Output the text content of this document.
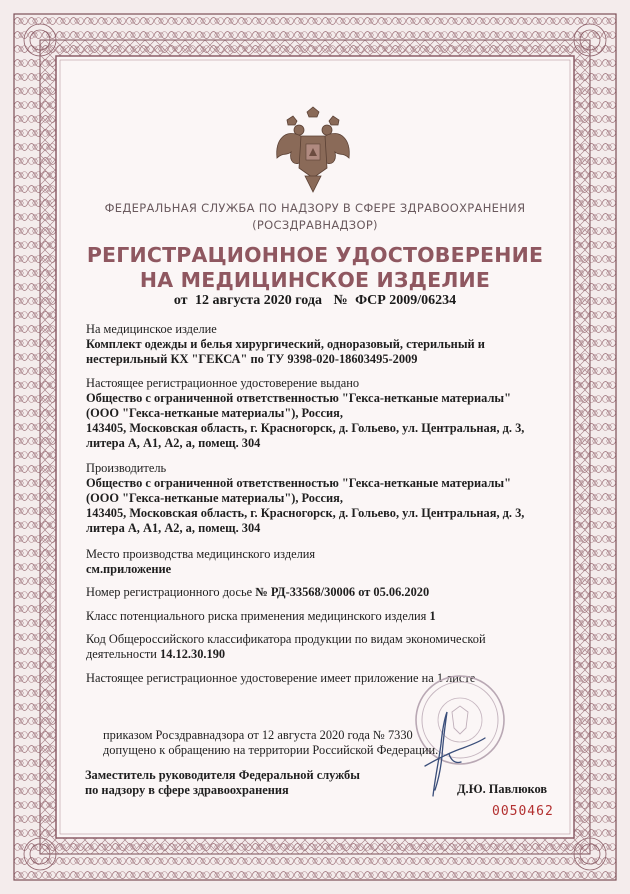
ФЕДЕРАЛЬНАЯ СЛУЖБА ПО НАДЗОРУ В СФЕРЕ ЗДРАВООХРАНЕНИЯ
(РОСЗДРАВНАДЗОР)
РЕГИСТРАЦИОННОЕ УДОСТОВЕРЕНИЕ
НА МЕДИЦИНСКОЕ ИЗДЕЛИЕ
от 12 августа 2020 года № ФСР 2009/06234
На медицинское изделие
Комплект одежды и белья хирургический, одноразовый, стерильный и
нестерильный КХ "ГЕКСА" по ТУ 9398-020-18603495-2009
Настоящее регистрационное удостоверение выдано
Общество с ограниченной ответственностью "Гекса-нетканые материалы"
(ООО "Гекса-нетканые материалы"), Россия,
143405, Московская область, г. Красногорск, д. Гольево, ул. Центральная, д. 3,
литера А, А1, А2, а, помещ. 304
Производитель
Общество с ограниченной ответственностью "Гекса-нетканые материалы"
(ООО "Гекса-нетканые материалы"), Россия,
143405, Московская область, г. Красногорск, д. Гольево, ул. Центральная, д. 3,
литера А, А1, А2, а, помещ. 304
Место производства медицинского изделия
см.приложение
Номер регистрационного досье № РД-33568/30006 от 05.06.2020
Класс потенциального риска применения медицинского изделия 1
Код Общероссийского классификатора продукции по видам экономической
деятельности 14.12.30.190
Настоящее регистрационное удостоверение имеет приложение на 1 листе
приказом Росздравнадзора от 12 августа 2020 года № 7330
допущено к обращению на территории Российской Федерации.
Заместитель руководителя Федеральной службы
по надзору в сфере здравоохранения	Д.Ю. Павлюков
0050462
